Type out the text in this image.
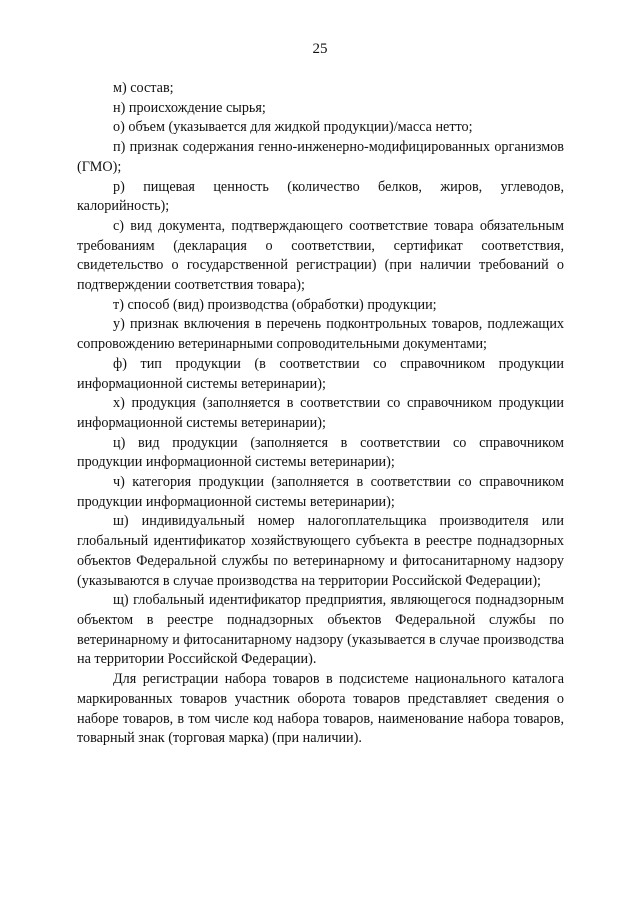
25

м) состав;

н) происхождение сырья;

о) объем (указывается для жидкой продукции)/масса нетто;

п) признак содержания генно-инженерно-модифицированных организмов (ГМО);

р) пищевая ценность (количество белков, жиров, углеводов, калорийность);

с) вид документа, подтверждающего соответствие товара обязательным требованиям (декларация о соответствии, сертификат соответствия, свидетельство о государственной регистрации) (при наличии требований о подтверждении соответствия товара);

т) способ (вид) производства (обработки) продукции;

у) признак включения в перечень подконтрольных товаров, подлежащих сопровождению ветеринарными сопроводительными документами;

ф) тип продукции (в соответствии со справочником продукции информационной системы ветеринарии);

х) продукция (заполняется в соответствии со справочником продукции информационной системы ветеринарии);

ц) вид продукции (заполняется в соответствии со справочником продукции информационной системы ветеринарии);

ч) категория продукции (заполняется в соответствии со справочником продукции информационной системы ветеринарии);

ш) индивидуальный номер налогоплательщика производителя или глобальный идентификатор хозяйствующего субъекта в реестре поднадзорных объектов Федеральной службы по ветеринарному и фитосанитарному надзору (указываются в случае производства на территории Российской Федерации);

щ) глобальный идентификатор предприятия, являющегося поднадзорным объектом в реестре поднадзорных объектов Федеральной службы по ветеринарному и фитосанитарному надзору (указывается в случае производства на территории Российской Федерации).

Для регистрации набора товаров в подсистеме национального каталога маркированных товаров участник оборота товаров представляет сведения о наборе товаров, в том числе код набора товаров, наименование набора товаров, товарный знак (торговая марка) (при наличии).
